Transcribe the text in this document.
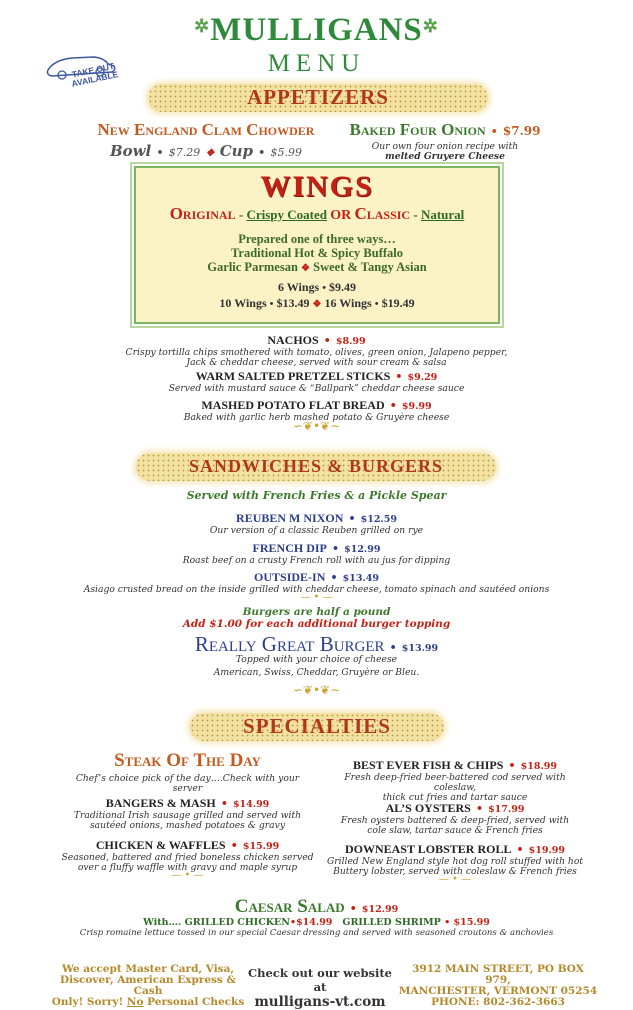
✲MULLIGANS✲
MENU
TAKE OUT AVAILABLE
APPETIZERS
New England Clam Chowder
Bowl • $7.29 ❖ Cup • $5.99
Baked Four Onion • $7.99
Our own four onion recipe with
melted Gruyere Cheese
WINGS
Original - Crispy Coated OR Classic - Natural
Prepared one of three ways…
Traditional Hot & Spicy Buffalo
Garlic Parmesan ❖ Sweet & Tangy Asian
6 Wings • $9.49
10 Wings • $13.49 ❖ 16 Wings • $19.49
NACHOS • $8.99
Crispy tortilla chips smothered with tomato, olives, green onion, Jalapeno pepper,
Jack & cheddar cheese, served with sour cream & salsa
WARM SALTED PRETZEL STICKS • $9.29
Served with mustard sauce & “Ballpark” cheddar cheese sauce
MASHED POTATO FLAT BREAD • $9.99
Baked with garlic herb mashed potato & Gruyère cheese
∽❦•❦∼
SANDWICHES & BURGERS
Served with French Fries & a Pickle Spear
REUBEN M NIXON • $12.59
Our version of a classic Reuben grilled on rye
FRENCH DIP • $12.99
Roast beef on a crusty French roll with au jus for dipping
OUTSIDE-IN • $13.49
Asiago crusted bread on the inside grilled with cheddar cheese, tomato spinach and sautéed onions
— • —
Burgers are half a pound
Add $1.00 for each additional burger topping
Really Great Burger • $13.99
Topped with your choice of cheese
American, Swiss, Cheddar, Gruyère or Bleu.
∽❦•❦∼
SPECIALTIES
Steak Of The Day
Chef’s choice pick of the day….Check with your server
BANGERS & MASH • $14.99
Traditional Irish sausage grilled and served with
sautéed onions, mashed potatoes & gravy
CHICKEN & WAFFLES • $15.99
Seasoned, battered and fried boneless chicken served
over a fluffy waffle with gravy and maple syrup
— • —
BEST EVER FISH & CHIPS • $18.99
Fresh deep-fried beer-battered cod served with coleslaw,
thick cut fries and tartar sauce
AL’S OYSTERS • $17.99
Fresh oysters battered & deep-fried, served with
cole slaw, tartar sauce & French fries
DOWNEAST LOBSTER ROLL • $19.99
Grilled New England style hot dog roll stuffed with hot
Buttery lobster, served with coleslaw & French fries
— • —
Caesar Salad • $12.99
With…. GRILLED CHICKEN•$14.99 GRILLED SHRIMP • $15.99
Crisp romaine lettuce tossed in our special Caesar dressing and served with seasoned croutons & anchovies
We accept Master Card, Visa,
Discover, American Express & Cash
Only! Sorry! No Personal Checks
Check out our website at
mulligans-vt.com
3912 MAIN STREET, PO BOX 979,
MANCHESTER, VERMONT 05254
PHONE: 802-362-3663
